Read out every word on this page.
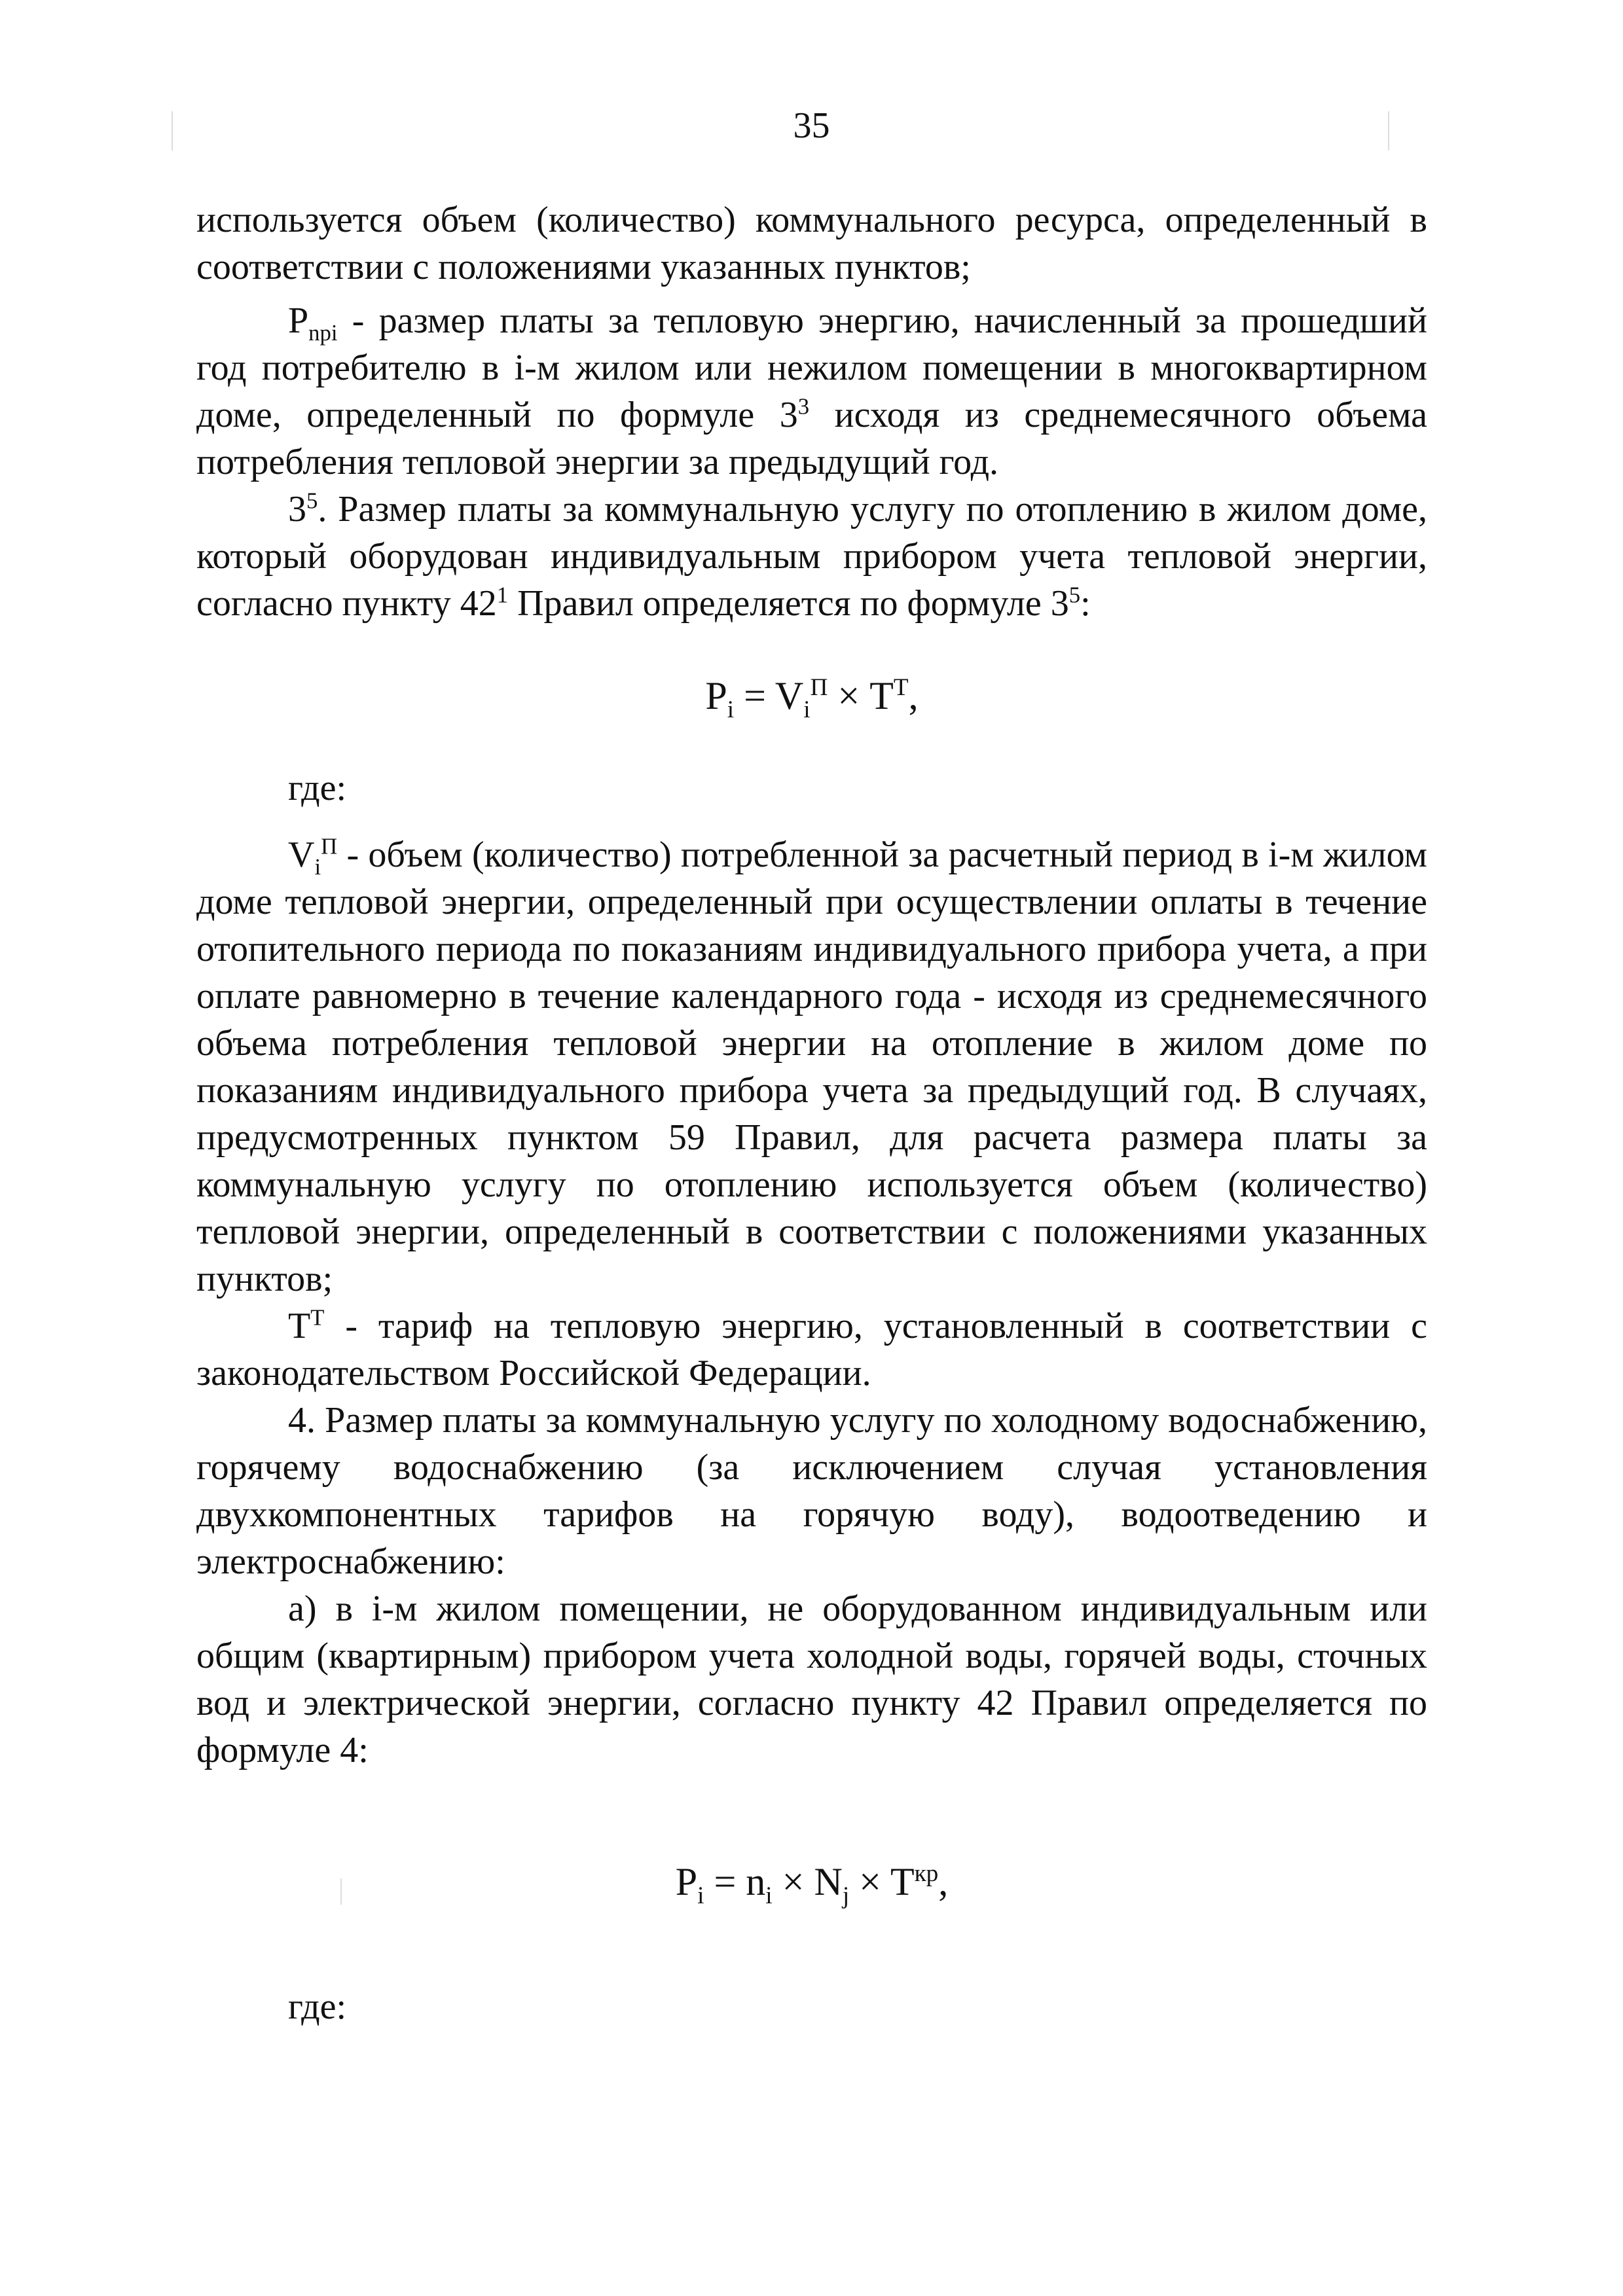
35

используется объем (количество) коммунального ресурса, определенный в соответствии с положениями указанных пунктов;

$P_{npi}$ - размер платы за тепловую энергию, начисленный за прошедший год потребителю в i-м жилом или нежилом помещении в многоквартирном доме, определенный по формуле $3^3$ исходя из среднемесячного объема потребления тепловой энергии за предыдущий год.

$3^5$. Размер платы за коммунальную услугу по отоплению в жилом доме, который оборудован индивидуальным прибором учета тепловой энергии, согласно пункту $42^1$ Правил определяется по формуле $3^5$:

$P_i = V_i^П \times T^Т$,

где:

$V_i^П$ - объем (количество) потребленной за расчетный период в i-м жилом доме тепловой энергии, определенный при осуществлении оплаты в течение отопительного периода по показаниям индивидуального прибора учета, а при оплате равномерно в течение календарного года - исходя из среднемесячного объема потребления тепловой энергии на отопление в жилом доме по показаниям индивидуального прибора учета за предыдущий год. В случаях, предусмотренных пунктом 59 Правил, для расчета размера платы за коммунальную услугу по отоплению используется объем (количество) тепловой энергии, определенный в соответствии с положениями указанных пунктов;

$T^Т$ - тариф на тепловую энергию, установленный в соответствии с законодательством Российской Федерации.

4. Размер платы за коммунальную услугу по холодному водоснабжению, горячему водоснабжению (за исключением случая установления двухкомпонентных тарифов на горячую воду), водоотведению и электроснабжению:

а) в i-м жилом помещении, не оборудованном индивидуальным или общим (квартирным) прибором учета холодной воды, горячей воды, сточных вод и электрической энергии, согласно пункту 42 Правил определяется по формуле 4:

$P_i = n_i \times N_j \times T^{кр}$,

где:
